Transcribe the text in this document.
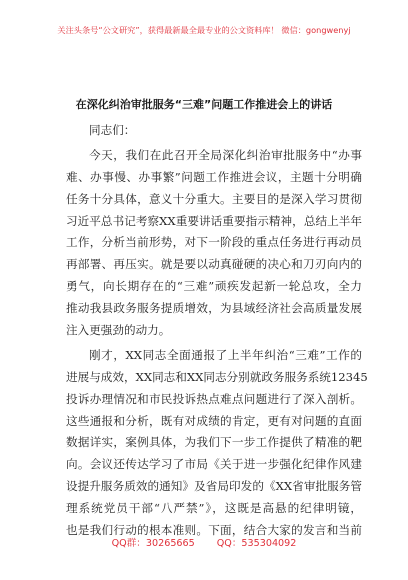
关注头条号“公文研究”，获得最新最全最专业的公文资料库！ 微信：gongwenyj
在深化纠治审批服务“三难”问题工作推进会上的讲话
同志们：
今天，我们在此召开全局深化纠治审批服务中“办事
难、办事慢、办事繁”问题工作推进会议，主题十分明确
任务十分具体，意义十分重大。主要目的是深入学习贯彻
习近平总书记考察XX重要讲话重要指示精神，总结上半年
工作，分析当前形势，对下一阶段的重点任务进行再动员
再部署、再压实。就是要以动真碰硬的决心和刀刃向内的
勇气，向长期存在的“三难”顽疾发起新一轮总攻，全力
推动我县政务服务提质增效，为县域经济社会高质量发展
注入更强劲的动力。
刚才，XX同志全面通报了上半年纠治“三难”工作的
进展与成效，XX同志和XX同志分别就政务服务系统12345
投诉办理情况和市民投诉热点难点问题进行了深入剖析。
这些通报和分析，既有对成绩的肯定，更有对问题的直面
数据详实，案例具体，为我们下一步工作提供了精准的靶
向。会议还传达学习了市局《关于进一步强化纪律作风建
设提升服务质效的通知》及省局印发的《XX省审批服务管
理系统党员干部“八严禁”》，这既是高悬的纪律明镜，
也是我们行动的根本准则。下面，结合大家的发言和当前
QQ群：30265665 QQ：535304092
